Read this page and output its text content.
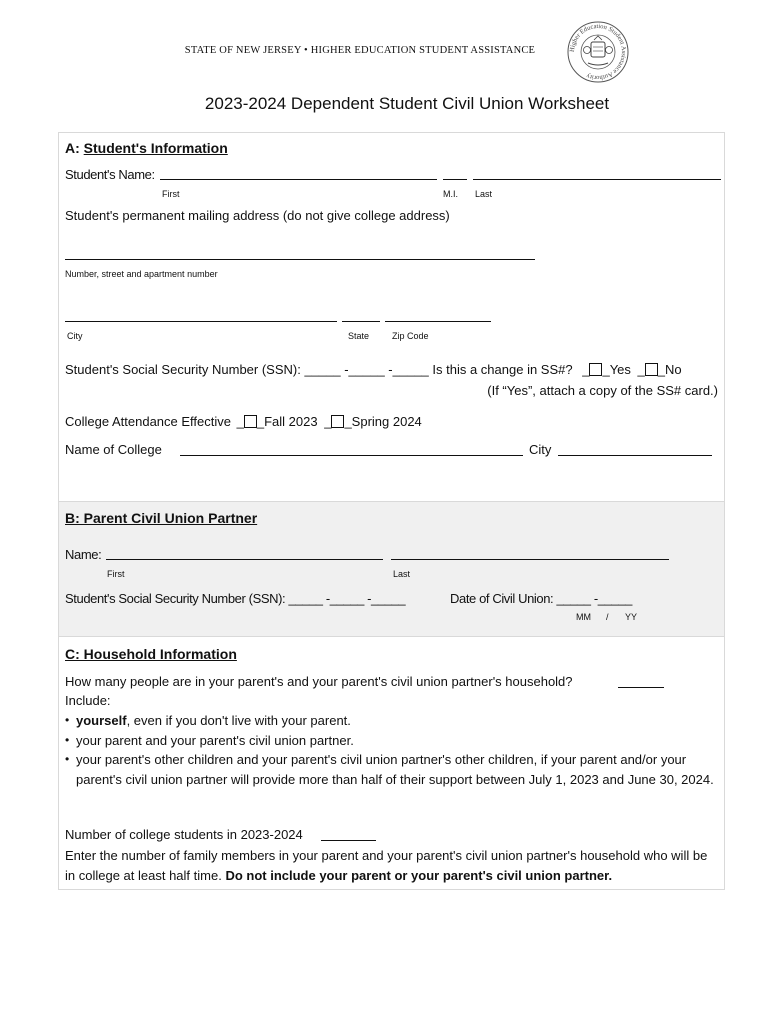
STATE OF NEW JERSEY • HIGHER EDUCATION STUDENT ASSISTANCE	Higher Education Student Assistance Authority
2023-2024 Dependent Student Civil Union Worksheet
A: Student's Information
Student's Name:
First	M.I. Last
Student's permanent mailing address (do not give college address)
Number, street and apartment number
City	State	Zip Code
Student's Social Security Number (SSN): _____ -_____ -_____ Is this a change in SS#? _ _Yes _ _No
(If “Yes”, attach a copy of the SS# card.)
College Attendance Effective _ _Fall 2023 _ _Spring 2024
Name of College	City
B: Parent Civil Union Partner
Name:
First	Last
Student's Social Security Number (SSN): _____ -_____ -_____	Date of Civil Union: _____ -_____
MM / YY
C: Household Information
How many people are in your parent's and your parent's civil union partner's household?
Include:
• yourself, even if you don't live with your parent.
• your parent and your parent's civil union partner.
• your parent's other children and your parent's civil union partner's other children, if your parent and/or your parent's civil union partner will provide more than half of their support between July 1, 2023 and June 30, 2024.
Number of college students in 2023-2024
Enter the number of family members in your parent and your parent's civil union partner's household who will be in college at least half time. Do not include your parent or your parent's civil union partner.
